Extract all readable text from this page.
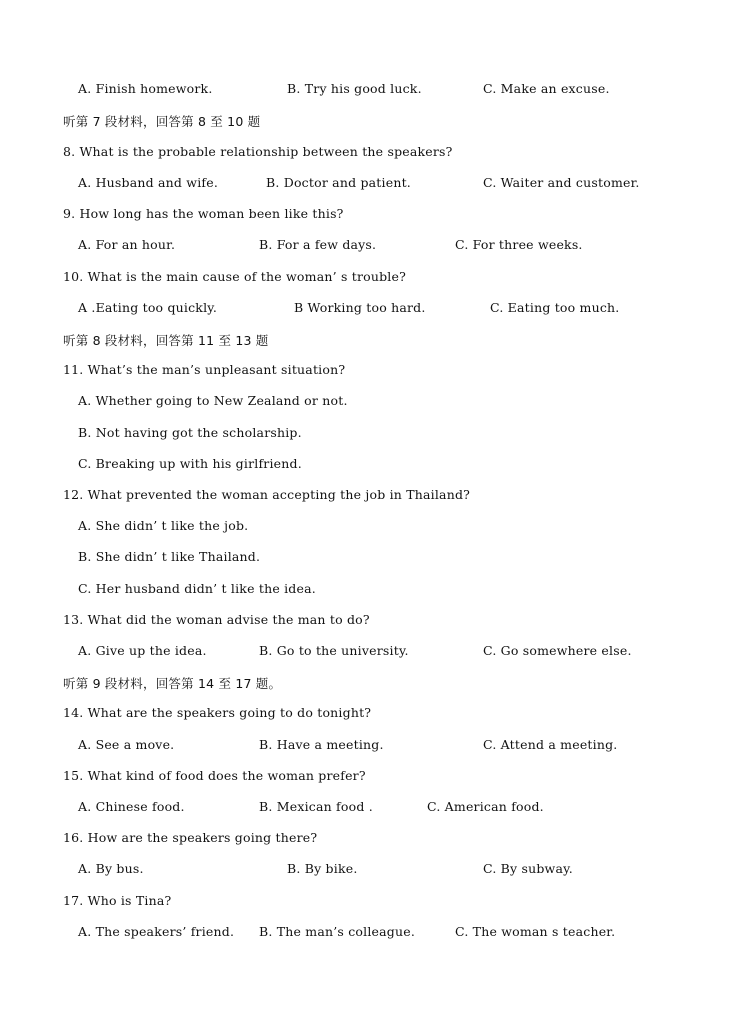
A. Finish homework.	B. Try his good luck.	C. Make an excuse.
听第 7 段材料，回答第 8 至 10 题
8. What is the probable relationship between the speakers?
A. Husband and wife.	B. Doctor and patient.	C. Waiter and customer.
9. How long has the woman been like this?
A. For an hour.	B. For a few days.	C. For three weeks.
10. What is the main cause of the woman’ s trouble?
A .Eating too quickly.	B Working too hard.	C. Eating too much.
听第 8 段材料，回答第 11 至 13 题
11. What’s the man’s unpleasant situation?
A. Whether going to New Zealand or not.
B. Not having got the scholarship.
C. Breaking up with his girlfriend.
12. What prevented the woman accepting the job in Thailand?
A. She didn’ t like the job.
B. She didn’ t like Thailand.
C. Her husband didn’ t like the idea.
13. What did the woman advise the man to do?
A. Give up the idea.	B. Go to the university.	C. Go somewhere else.
听第 9 段材料，回答第 14 至 17 题。
14. What are the speakers going to do tonight?
A. See a move.	B. Have a meeting.	C. Attend a meeting.
15. What kind of food does the woman prefer?
A. Chinese food.	B. Mexican food .	C. American food.
16. How are the speakers going there?
A. By bus.	B. By bike.	C. By subway.
17. Who is Tina?
A. The speakers’ friend. B. The man’s colleague.	C. The woman s teacher.
